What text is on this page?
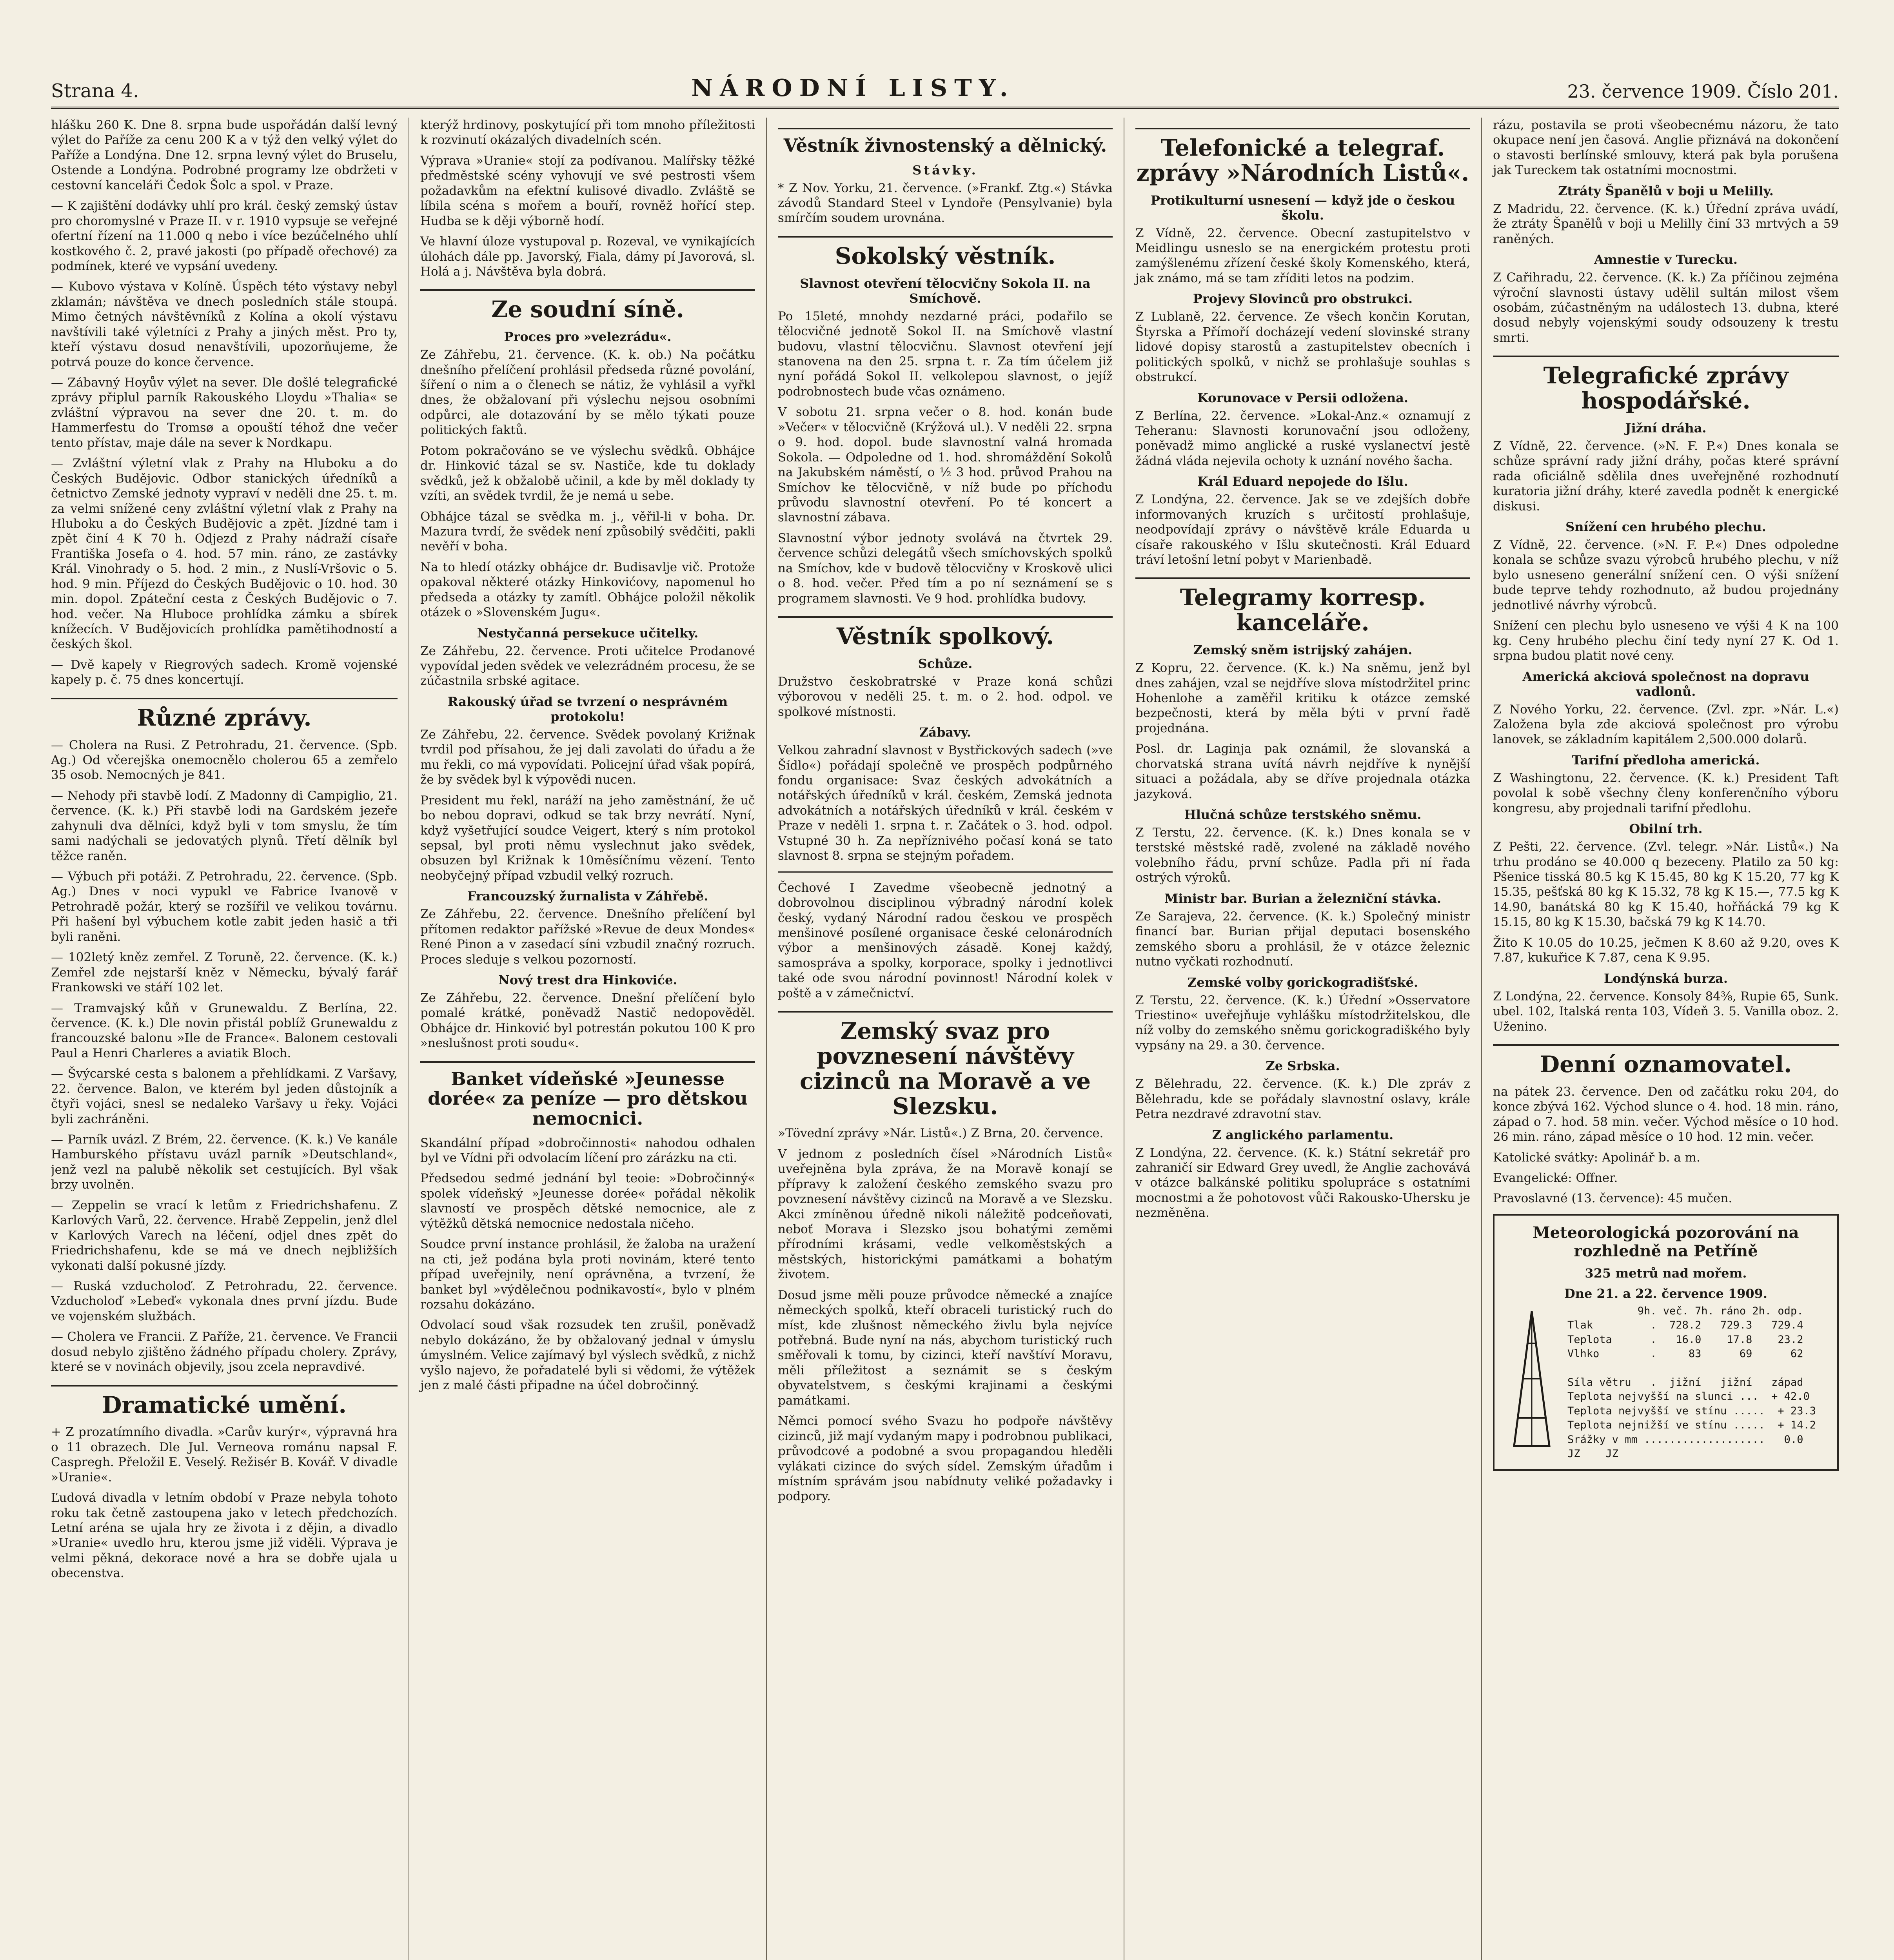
Strana 4.	NÁRODNÍ LISTY.	23. července 1909. Číslo 201.

hlášku 260 K. Dne 8. srpna bude uspořádán další levný výlet do Paříže za cenu 200 K a v týž den velký výlet do Paříže a Londýna. Dne 12. srpna levný výlet do Bruselu, Ostende a Londýna. Podrobné programy lze obdržeti v cestovní kanceláři Čedok Šolc a spol. v Praze.

— K zajištění dodávky uhlí pro král. český zemský ústav pro choromyslné v Praze II. v r. 1910 vypsuje se veřejné ofertní řízení na 11.000 q nebo i více bezúčelného uhlí kostkového č. 2, pravé jakosti (po případě ořechové) za podmínek, které ve vypsání uvedeny.

— Kubovo výstava v Kolíně. Úspěch této výstavy nebyl zklamán; návštěva ve dnech posledních stále stoupá. Mimo četných návštěvníků z Kolína a okolí výstavu navštívili také výletníci z Prahy a jiných měst. Pro ty, kteří výstavu dosud nenavštívili, upozorňujeme, že potrvá pouze do konce července.

— Zábavný Hoyův výlet na sever. Dle došlé telegrafické zprávy připlul parník Rakouského Lloydu »Thalia« se zvláštní výpravou na sever dne 20. t. m. do Hammerfestu do Tromsø a opouští téhož dne večer tento přístav, maje dále na sever k Nordkapu.

— Zvláštní výletní vlak z Prahy na Hluboku a do Českých Budějovic. Odbor stanických úředníků a četnictvo Zemské jednoty vypraví v neděli dne 25. t. m. za velmi snížené ceny zvláštní výletní vlak z Prahy na Hluboku a do Českých Budějovic a zpět. Jízdné tam i zpět činí 4 K 70 h. Odjezd z Prahy nádraží císaře Františka Josefa o 4. hod. 57 min. ráno, ze zastávky Král. Vinohrady o 5. hod. 2 min., z Nuslí-Vršovic o 5. hod. 9 min. Příjezd do Českých Budějovic o 10. hod. 30 min. dopol. Zpáteční cesta z Českých Budějovic o 7. hod. večer. Na Hluboce prohlídka zámku a sbírek knížecích. V Budějovicích prohlídka pamětihodností a českých škol.

— Dvě kapely v Riegrových sadech. Kromě vojenské kapely p. č. 75 dnes koncertují.

Různé zprávy.

— Cholera na Rusi. Z Petrohradu, 21. července. (Spb. Ag.) Od včerejška onemocnělo cholerou 65 a zemřelo 35 osob. Nemocných je 841.

— Nehody při stavbě lodí. Z Madonny di Campiglio, 21. července. (K. k.) Při stavbě lodi na Gardském jezeře zahynuli dva dělníci, když byli v tom smyslu, že tím sami nadýchali se jedovatých plynů. Třetí dělník byl těžce raněn.

— Výbuch při potáži. Z Petrohradu, 22. července. (Spb. Ag.) Dnes v noci vypukl ve Fabrice Ivanově v Petrohradě požár, který se rozšířil ve velikou továrnu. Při hašení byl výbuchem kotle zabit jeden hasič a tři byli raněni.

— 102letý kněz zemřel. Z Toruně, 22. července. (K. k.) Zemřel zde nejstarší kněz v Německu, bývalý farář Frankowski ve stáří 102 let.

— Tramvajský kůň v Grunewaldu. Z Berlína, 22. července. (K. k.) Dle novin přistál poblíž Grunewaldu z francouzské balonu »Ile de France«. Balonem cestovali Paul a Henri Charleres a aviatik Bloch.

— Švýcarské cesta s balonem a přehlídkami. Z Varšavy, 22. července. Balon, ve kterém byl jeden důstojník a čtyři vojáci, snesl se nedaleko Varšavy u řeky. Vojáci byli zachráněni.

— Parník uvázl. Z Brém, 22. července. (K. k.) Ve kanále Hamburského přístavu uvázl parník »Deutschland«, jenž vezl na palubě několik set cestujících. Byl však brzy uvolněn.

— Zeppelin se vrací k letům z Friedrichshafenu. Z Karlových Varů, 22. července. Hrabě Zeppelin, jenž dlel v Karlových Varech na léčení, odjel dnes zpět do Friedrichshafenu, kde se má ve dnech nejbližších vykonati další pokusné jízdy.

— Ruská vzducholoď. Z Petrohradu, 22. července. Vzducholoď »Lebeď« vykonala dnes první jízdu. Bude ve vojenském službách.

— Cholera ve Francii. Z Paříže, 21. července. Ve Francii dosud nebylo zjištěno žádného případu cholery. Zprávy, které se v novinách objevily, jsou zcela nepravdivé.

Dramatické umění.

+ Z prozatímního divadla. »Carův kurýr«, výpravná hra o 11 obrazech. Dle Jul. Verneova románu napsal F. Caspregh. Přeložil E. Veselý. Režisér B. Kovář. V divadle »Uranie«.

Ľudová divadla v letním období v Praze nebyla tohoto roku tak četně zastoupena jako v letech předchozích. Letní aréna se ujala hry ze života i z dějin, a divadlo »Uranie« uvedlo hru, kterou jsme již viděli. Výprava je velmi pěkná, dekorace nové a hra se dobře ujala u obecenstva.

kterýž hrdinovy, poskytující při tom mnoho příležitosti k rozvinutí okázalých divadelních scén.

Výprava »Uranie« stojí za podívanou. Malířsky těžké předměstské scény vyhovují ve své pestrosti všem požadavkům na efektní kulisové divadlo. Zvláště se líbila scéna s mořem a bouří, rovněž hořící step. Hudba se k ději výborně hodí.

Ve hlavní úloze vystupoval p. Rozeval, ve vynikajících úlohách dále pp. Javorský, Fiala, dámy pí Javorová, sl. Holá a j. Návštěva byla dobrá.

Ze soudní síně.
Proces pro »velezrádu«.

Ze Záhřebu, 21. července. (K. k. ob.) Na počátku dnešního přelíčení prohlásil předseda různé povolání, šíření o nim a o členech se nátiz, že vyhlásil a vyřkl dnes, že obžalovaní při výslechu nejsou osobními odpůrci, ale dotazování by se mělo týkati pouze politických faktů.

Potom pokračováno se ve výslechu svědků. Obhájce dr. Hinković tázal se sv. Nastiče, kde tu doklady svědků, jež k obžalobě učinil, a kde by měl doklady ty vzíti, an svědek tvrdil, že je nemá u sebe.

Obhájce tázal se svědka m. j., věřil-li v boha. Dr. Mazura tvrdí, že svědek není způsobilý svědčiti, pakli nevěří v boha.

Na to hledí otázky obhájce dr. Budisavlje vič. Protože opakoval některé otázky Hinkovićovy, napomenul ho předseda a otázky ty zamítl. Obhájce položil několik otázek o »Slovenském Jugu«.

Nestyčanná persekuce učitelky.

Ze Záhřebu, 22. července. Proti učitelce Prodanové vypovídal jeden svědek ve velezrádném procesu, že se zúčastnila srbské agitace.

Rakouský úřad se tvrzení o nesprávném protokolu!

Ze Záhřebu, 22. července. Svědek povolaný Križnak tvrdil pod přísahou, že jej dali zavolati do úřadu a že mu řekli, co má vypovídati. Policejní úřad však popírá, že by svědek byl k výpovědi nucen.

President mu řekl, naráží na jeho zaměstnání, že uč bo nebou dopravi, odkud se tak brzy nevrátí. Nyní, když vyšetřující soudce Veigert, který s ním protokol sepsal, byl proti němu vyslechnut jako svědek, obsuzen byl Križnak k 10měsíčnímu vězení. Tento neobyčejný případ vzbudil velký rozruch.

Francouzský žurnalista v Záhřebě.

Ze Záhřebu, 22. července. Dnešního přelíčení byl přítomen redaktor pařížské »Revue de deux Mondes« René Pinon a v zasedací síni vzbudil značný rozruch. Proces sleduje s velkou pozorností.

Nový trest dra Hinkoviće.

Ze Záhřebu, 22. července. Dnešní přelíčení bylo pomalé krátké, poněvadž Nastič nedopověděl. Obhájce dr. Hinković byl potrestán pokutou 100 K pro »neslušnost proti soudu«.

Banket vídeňské »Jeunesse dorée« za peníze — pro dětskou nemocnici.

Skandální případ »dobročinnosti« nahodou odhalen byl ve Vídni při odvolacím líčení pro zárázku na cti.

Předsedou sedmé jednání byl teoie: »Dobročinný« spolek vídeňský »Jeunesse dorée« pořádal několik slavností ve prospěch dětské nemocnice, ale z výtěžků dětská nemocnice nedostala ničeho.

Soudce první instance prohlásil, že žaloba na uražení na cti, jež podána byla proti novinám, které tento případ uveřejnily, není oprávněna, a tvrzení, že banket byl »výdělečnou podnikavostí«, bylo v plném rozsahu dokázáno.

Odvolací soud však rozsudek ten zrušil, poněvadž nebylo dokázáno, že by obžalovaný jednal v úmyslu úmyslném. Velice zajímavý byl výslech svědků, z nichž vyšlo najevo, že pořadatelé byli si vědomi, že výtěžek jen z malé části připadne na účel dobročinný.

Věstník živnostenský a dělnický.
Stávky.

* Z Nov. Yorku, 21. července. (»Frankf. Ztg.«) Stávka závodů Standard Steel v Lyndoře (Pensylvanie) byla smírčím soudem urovnána.

Sokolský věstník.
Slavnost otevření tělocvičny Sokola II. na Smíchově.

Po 15leté, mnohdy nezdarné práci, podařilo se tělocvičné jednotě Sokol II. na Smíchově vlastní budovu, vlastní tělocvičnu. Slavnost otevření její stanovena na den 25. srpna t. r. Za tím účelem již nyní pořádá Sokol II. velkolepou slavnost, o jejíž podrobnostech bude včas oznámeno.

V sobotu 21. srpna večer o 8. hod. konán bude »Večer« v tělocvičně (Krýžová ul.). V neděli 22. srpna o 9. hod. dopol. bude slavnostní valná hromada Sokola. — Odpoledne od 1. hod. shromáždění Sokolů na Jakubském náměstí, o ½ 3 hod. průvod Prahou na Smíchov ke tělocvičně, v níž bude po příchodu průvodu slavnostní otevření. Po té koncert a slavnostní zábava.

Slavnostní výbor jednoty svolává na čtvrtek 29. července schůzi delegátů všech smíchovských spolků na Smíchov, kde v budově tělocvičny v Kroskově ulici o 8. hod. večer. Před tím a po ní seznámení se s programem slavnosti. Ve 9 hod. prohlídka budovy.

Věstník spolkový.
Schůze.

Družstvo českobratrské v Praze koná schůzi výborovou v neděli 25. t. m. o 2. hod. odpol. ve spolkové místnosti.

Zábavy.

Velkou zahradní slavnost v Bystřickových sadech (»ve Šídlo«) pořádají společně ve prospěch podpůrného fondu organisace: Svaz českých advokátních a notářských úředníků v král. českém, Zemská jednota advokátních a notářských úředníků v král. českém v Praze v neděli 1. srpna t. r. Začátek o 3. hod. odpol. Vstupné 30 h. Za nepříznivého počasí koná se tato slavnost 8. srpna se stejným pořadem.

Čechové I Zavedme všeobecně jednotný a dobrovolnou disciplinou výbradný národní kolek český, vydaný Národní radou českou ve prospěch menšinové posílené organisace české celonárodních výbor a menšinových zásadě. Konej každý, samospráva a spolky, korporace, spolky i jednotlivci také ode svou národní povinnost! Národní kolek v poště a v zámečnictví.

Zemský svaz pro povznesení návštěvy cizinců na Moravě a ve Slezsku.

»Tövední zprávy »Nár. Listů«.) Z Brna, 20. července.

V jednom z posledních čísel »Národních Listů« uveřejněna byla zpráva, že na Moravě konají se přípravy k založení českého zemského svazu pro povznesení návštěvy cizinců na Moravě a ve Slezsku. Akci zmíněnou úředně nikoli náležitě podceňovati, neboť Morava i Slezsko jsou bohatými zeměmi přírodními krásami, vedle velkoměstských a městských, historickými památkami a bohatým životem.

Dosud jsme měli pouze průvodce německé a znajíce německých spolků, kteří obraceli turistický ruch do míst, kde zlušnost německého živlu byla nejvíce potřebná. Bude nyní na nás, abychom turistický ruch směřovali k tomu, by cizinci, kteří navštíví Moravu, měli příležitost a seznámit se s českým obyvatelstvem, s českými krajinami a českými památkami.

Němci pomocí svého Svazu ho podpoře návštěvy cizinců, již mají vydaným mapy i podrobnou publikaci, průvodcové a podobné a svou propagandou hleděli vylákati cizince do svých sídel. Zemským úřadům i místním správám jsou nabídnuty veliké požadavky i podpory.

Telefonické a telegraf. zprávy »Národních Listů«.
Protikulturní usnesení — když jde o českou školu.

Z Vídně, 22. července. Obecní zastupitelstvo v Meidlingu usneslo se na energickém protestu proti zamýšlenému zřízení české školy Komenského, která, jak známo, má se tam zříditi letos na podzim.

Projevy Slovinců pro obstrukci.

Z Lublaně, 22. července. Ze všech končin Korutan, Štyrska a Přímoří docházejí vedení slovinské strany lidové dopisy starostů a zastupitelstev obecních i politických spolků, v nichž se prohlašuje souhlas s obstrukcí.

Korunovace v Persii odložena.

Z Berlína, 22. července. »Lokal-Anz.« oznamují z Teheranu: Slavnosti korunovační jsou odloženy, poněvadž mimo anglické a ruské vyslanectví jestě žádná vláda nejevila ochoty k uznání nového šacha.

Král Eduard nepojede do Išlu.

Z Londýna, 22. července. Jak se ve zdejších dobře informovaných kruzích s určitostí prohlašuje, neodpovídají zprávy o návštěvě krále Eduarda u císaře rakouského v Išlu skutečnosti. Král Eduard tráví letošní letní pobyt v Marienbadě.

Telegramy korresp. kanceláře.
Zemský sněm istrijský zahájen.

Z Kopru, 22. července. (K. k.) Na sněmu, jenž byl dnes zahájen, vzal se nejdříve slova místodržitel princ Hohenlohe a zaměřil kritiku k otázce zemské bezpečnosti, která by měla býti v první řadě projednána.

Posl. dr. Laginja pak oznámil, že slovanská a chorvatská strana uvítá návrh nejdříve k nynější situaci a požádala, aby se dříve projednala otázka jazyková.

Hlučná schůze terstského sněmu.

Z Terstu, 22. července. (K. k.) Dnes konala se v terstské městské radě, zvolené na základě nového volebního řádu, první schůze. Padla při ní řada ostrých výroků.

Ministr bar. Burian a železniční stávka.

Ze Sarajeva, 22. července. (K. k.) Společný ministr financí bar. Burian přijal deputaci bosenského zemského sboru a prohlásil, že v otázce železnic nutno vyčkati rozhodnutí.

Zemské volby gorickogradišťské.

Z Terstu, 22. července. (K. k.) Úřední »Osservatore Triestino« uveřejňuje vyhlášku místodržitelskou, dle níž volby do zemského sněmu gorickogradiškého byly vypsány na 29. a 30. července.

Ze Srbska.

Z Bělehradu, 22. července. (K. k.) Dle zpráv z Bělehradu, kde se pořádaly slavnostní oslavy, krále Petra nezdravé zdravotní stav.

Z anglického parlamentu.

Z Londýna, 22. července. (K. k.) Státní sekretář pro zahraničí sir Edward Grey uvedl, že Anglie zachovává v otázce balkánské politiku spolupráce s ostatními mocnostmi a že pohotovost vůči Rakousko-Uhersku je nezměněna.

rázu, postavila se proti všeobecnému názoru, že tato okupace není jen časová. Anglie přiznává na dokončení o stavosti berlínské smlouvy, která pak byla porušena jak Tureckem tak ostatními mocnostmi.

Ztráty Španělů v boji u Melilly.

Z Madridu, 22. července. (K. k.) Úřední zpráva uvádí, že ztráty Španělů v boji u Melilly činí 33 mrtvých a 59 raněných.

Amnestie v Turecku.

Z Cařihradu, 22. července. (K. k.) Za příčinou zejména výroční slavnosti ústavy udělil sultán milost všem osobám, zúčastněným na událostech 13. dubna, které dosud nebyly vojenskými soudy odsouzeny k trestu smrti.

Telegrafické zprávy hospodářské.
Jižní dráha.

Z Vídně, 22. července. (»N. F. P.«) Dnes konala se schůze správní rady jižní dráhy, počas které správní rada oficiálně sdělila dnes uveřejněné rozhodnutí kuratoria jižní dráhy, které zavedla podnět k energické diskusi.

Snížení cen hrubého plechu.

Z Vídně, 22. července. (»N. F. P.«) Dnes odpoledne konala se schůze svazu výrobců hrubého plechu, v níž bylo usneseno generální snížení cen. O výši snížení bude teprve tehdy rozhodnuto, až budou projednány jednotlivé návrhy výrobců.

Snížení cen plechu bylo usneseno ve výši 4 K na 100 kg. Ceny hrubého plechu činí tedy nyní 27 K. Od 1. srpna budou platit nové ceny.

Americká akciová společnost na dopravu vadlonů.

Z Nového Yorku, 22. července. (Zvl. zpr. »Nár. L.«) Založena byla zde akciová společnost pro výrobu lanovek, se základním kapitálem 2,500.000 dolarů.

Tarifní předloha americká.

Z Washingtonu, 22. července. (K. k.) President Taft povolal k sobě všechny členy konferenčního výboru kongresu, aby projednali tarifní předlohu.

Obilní trh.

Z Pešti, 22. července. (Zvl. telegr. »Nár. Listů«.) Na trhu prodáno se 40.000 q bezeceny. Platilo za 50 kg: Pšenice tisská 80.5 kg K 15.45, 80 kg K 15.20, 77 kg K 15.35, pešťská 80 kg K 15.32, 78 kg K 15.—, 77.5 kg K 14.90, banátská 80 kg K 15.40, hořňácká 79 kg K 15.15, 80 kg K 15.30, bačská 79 kg K 14.70.

Žito K 10.05 do 10.25, ječmen K 8.60 až 9.20, oves K 7.87, kukuřice K 7.87, cena K 9.95.

Londýnská burza.

Z Londýna, 22. července. Konsoly 84⅜, Rupie 65, Sunk. ubel. 102, Italská renta 103, Vídeň 3. 5. Vanilla oboz. 2. Uženino.

Denní oznamovatel.

na pátek 23. července. Den od začátku roku 204, do konce zbývá 162. Východ slunce o 4. hod. 18 min. ráno, západ o 7. hod. 58 min. večer. Východ měsíce o 10 hod. 26 min. ráno, západ měsíce o 10 hod. 12 min. večer.

Katolické svátky: Apolinář b. a m.

Evangelické: Offner.

Pravoslavné (13. července): 45 mučen.

Meteorologická pozorování na rozhledně na Petříně
325 metrů nad mořem.
Dne 21. a 22. července 1909.
9h. več. 7h. ráno 2h. odp.
Tlak         .  728.2   729.3   729.4
Teplota      .   16.0    17.8    23.2
Vlhko        .     83      69      62

Síla větru   .  jižní   jižní   západ
Teplota nejvyšší na slunci ...  + 42.0
Teplota nejvyšší ve stínu .....  + 23.3
Teplota nejnižší ve stínu .....  + 14.2
Srážky v mm ...................   0.0
JZ    JZ
